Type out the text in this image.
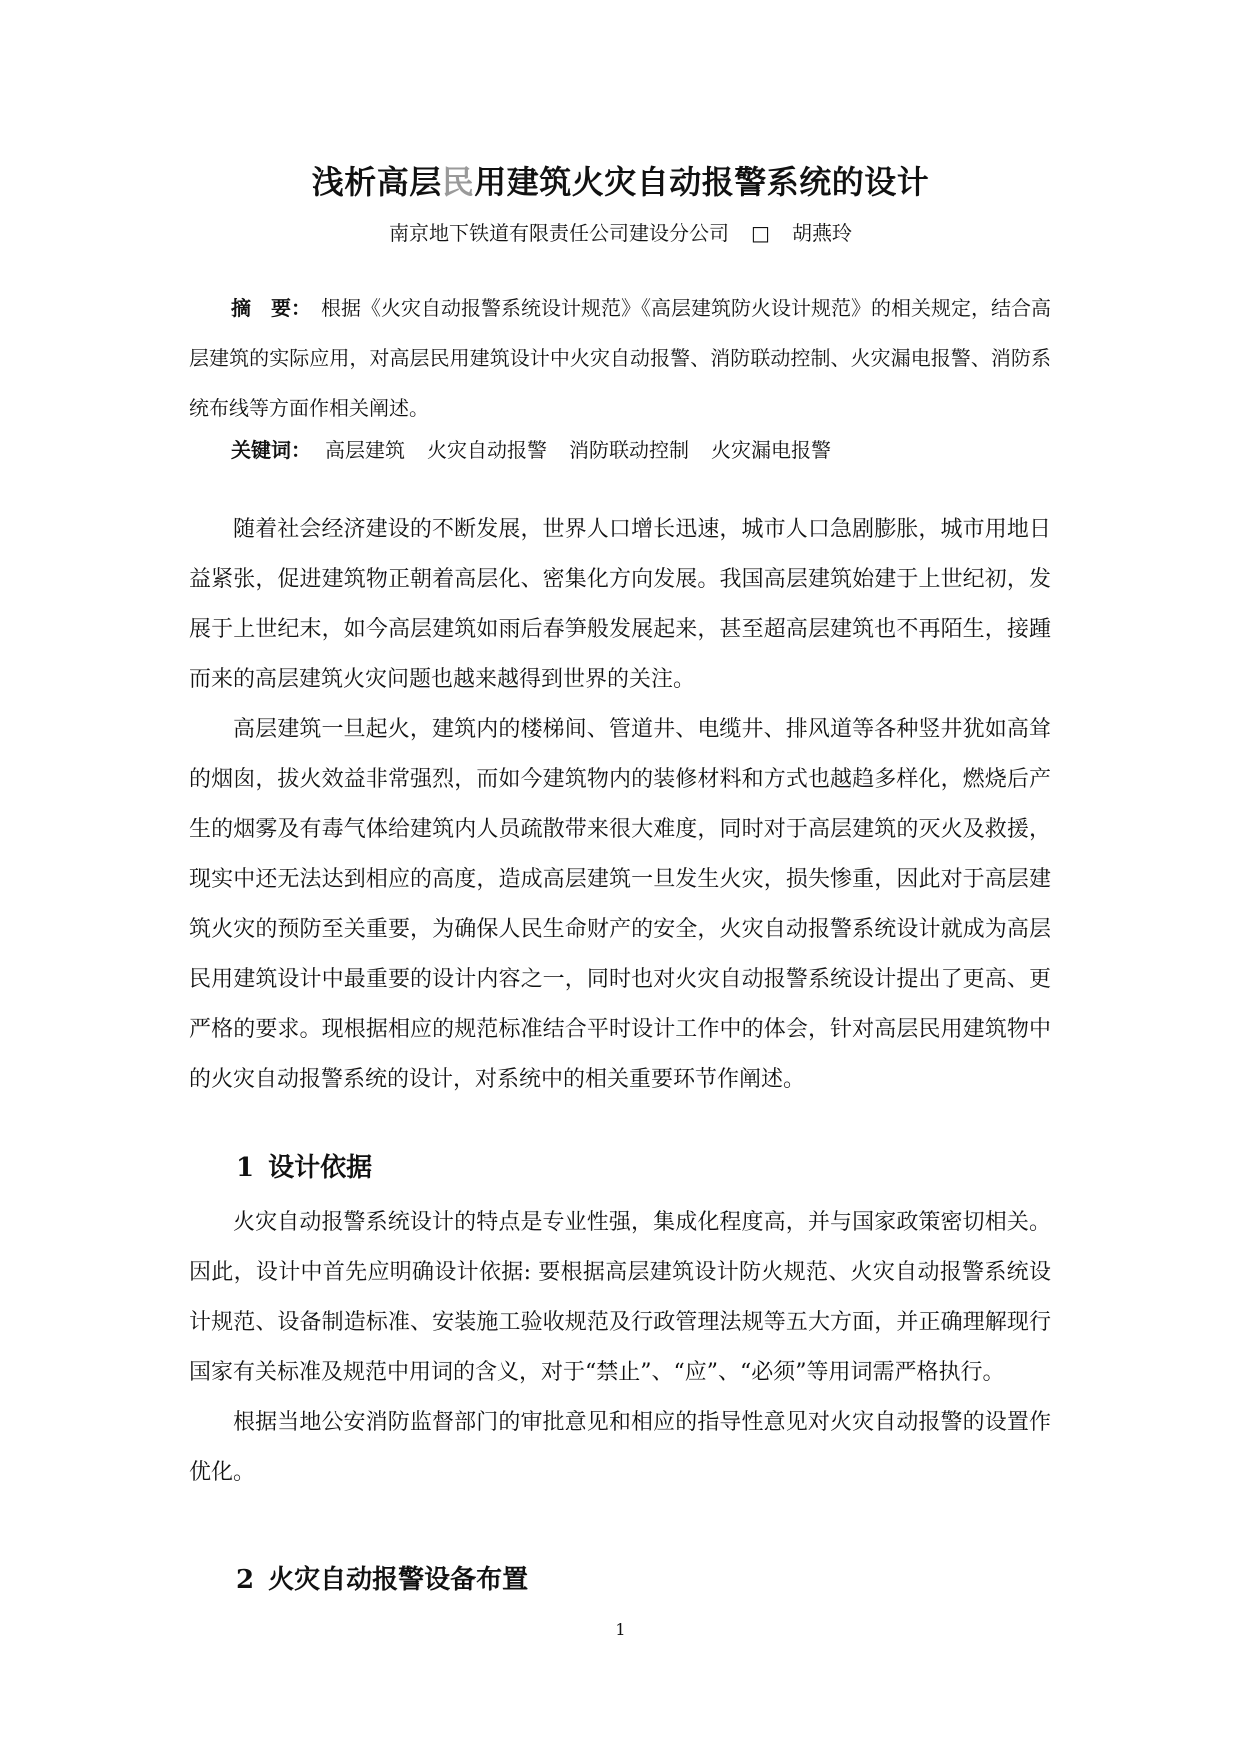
浅析高层民用建筑火灾自动报警系统的设计
南京地下铁道有限责任公司建设分公司 □ 胡燕玲
摘　要： 根据《火灾自动报警系统设计规范》《高层建筑防火设计规范》的相关规定，结合高层建筑的实际应用，对高层民用建筑设计中火灾自动报警、消防联动控制、火灾漏电报警、消防系统布线等方面作相关阐述。
关键词： 高层建筑 火灾自动报警 消防联动控制 火灾漏电报警

随着社会经济建设的不断发展，世界人口增长迅速，城市人口急剧膨胀，城市用地日益紧张，促进建筑物正朝着高层化、密集化方向发展。我国高层建筑始建于上世纪初，发展于上世纪末，如今高层建筑如雨后春笋般发展起来，甚至超高层建筑也不再陌生，接踵而来的高层建筑火灾问题也越来越得到世界的关注。

高层建筑一旦起火，建筑内的楼梯间、管道井、电缆井、排风道等各种竖井犹如高耸的烟囱，拔火效益非常强烈，而如今建筑物内的装修材料和方式也越趋多样化，燃烧后产生的烟雾及有毒气体给建筑内人员疏散带来很大难度，同时对于高层建筑的灭火及救援，现实中还无法达到相应的高度，造成高层建筑一旦发生火灾，损失惨重，因此对于高层建筑火灾的预防至关重要，为确保人民生命财产的安全，火灾自动报警系统设计就成为高层民用建筑设计中最重要的设计内容之一，同时也对火灾自动报警系统设计提出了更高、更严格的要求。现根据相应的规范标准结合平时设计工作中的体会，针对高层民用建筑物中的火灾自动报警系统的设计，对系统中的相关重要环节作阐述。

1 设计依据

火灾自动报警系统设计的特点是专业性强，集成化程度高，并与国家政策密切相关。因此，设计中首先应明确设计依据: 要根据高层建筑设计防火规范、火灾自动报警系统设计规范、设备制造标准、安装施工验收规范及行政管理法规等五大方面，并正确理解现行国家有关标准及规范中用词的含义，对于“禁止”、“应”、“必须”等用词需严格执行。

根据当地公安消防监督部门的审批意见和相应的指导性意见对火灾自动报警的设置作优化。

2 火灾自动报警设备布置
1
